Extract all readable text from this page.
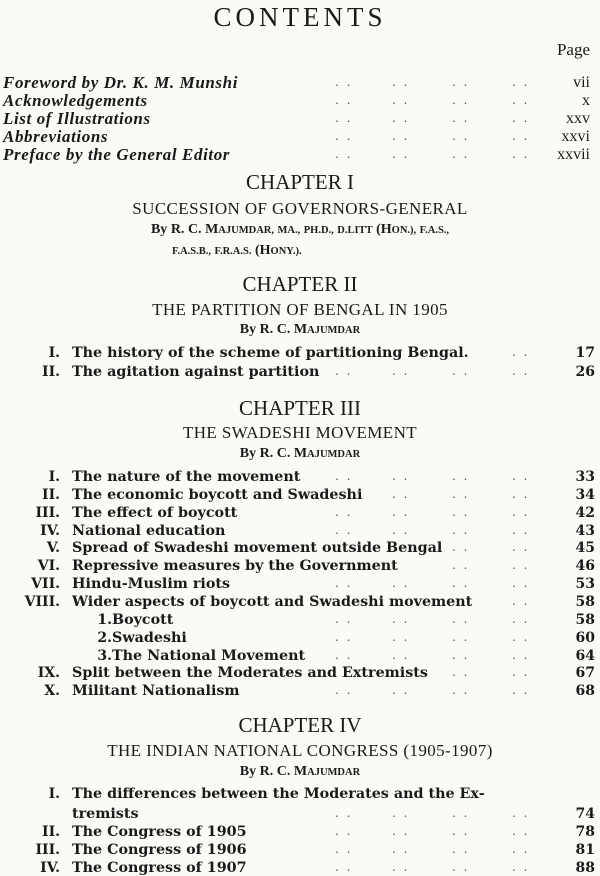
CONTENTS
Page
Foreword by Dr. K. M. Munshi	vii
Acknowledgements	x
List of Illustrations	xxv
Abbreviations	xxvi
Preface by the General Editor	xxvii
CHAPTER I
SUCCESSION OF GOVERNORS-GENERAL
By R. C. MAJUMDAR, MA., PH.D., D.LITT (HON.), F.A.S.,
F.A.S.B., F.R.A.S. (HONY.).
CHAPTER II
THE PARTITION OF BENGAL IN 1905
By R. C. MAJUMDAR
I. The history of the scheme of partitioning Bengal.	17
II. The agitation against partition	26
CHAPTER III
THE SWADESHI MOVEMENT
By R. C. MAJUMDAR
I. The nature of the movement	33
II. The economic boycott and Swadeshi	34
III. The effect of boycott	42
IV. National education	43
V. Spread of Swadeshi movement outside Bengal	45
VI. Repressive measures by the Government	46
VII. Hindu-Muslim riots	53
VIII. Wider aspects of boycott and Swadeshi movement	58
1. Boycott	58
2. Swadeshi	60
3. The National Movement	64
IX. Split between the Moderates and Extremists	67
X. Militant Nationalism	68
CHAPTER IV
THE INDIAN NATIONAL CONGRESS (1905-1907)
By R. C. MAJUMDAR
I. The differences between the Moderates and the Ex-
tremists	74
II. The Congress of 1905	78
III. The Congress of 1906	81
IV. The Congress of 1907	88
. .	. .	. .	. .
. .	. .	. .	. .
. .	. .	. .	. .
. .	. .	. .	. .
. .	. .	. .	. .
. .
. .	. .	. .	. .
. .	. .	. .	. .
. .	. .	. .
. .	. .	. .	. .
. .	. .	. .	. .
. .	. .
. .	. .
. .	. .	. .	. .
. .
. .	. .	. .	. .
. .	. .	. .	. .
. .	. .	. .	. .
. .	. .
. .	. .	. .	. .
. .	. .	. .	. .
. .	. .	. .	. .
. .	. .	. .	. .
. .	. .	. .	. .
